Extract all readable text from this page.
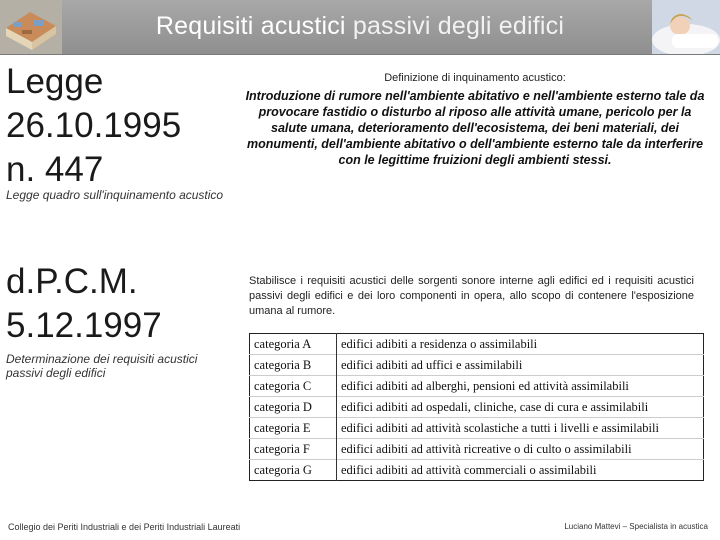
Requisiti acustici passivi degli edifici
Legge
26.10.1995
n. 447

Legge quadro sull'inquinamento acustico

Definizione di inquinamento acustico:
Introduzione di rumore nell'ambiente abitativo e nell'ambiente esterno tale da provocare fastidio o disturbo al riposo alle attività umane, pericolo per la salute umana, deterioramento dell'ecosistema, dei beni materiali, dei monumenti, dell'ambiente abitativo o dell'ambiente esterno tale da interferire con le legittime fruizioni degli ambienti stessi.
d.P.C.M.
5.12.1997

Determinazione dei requisiti acustici passivi degli edifici

Stabilisce i requisiti acustici delle sorgenti sonore interne agli edifici ed i requisiti acustici passivi degli edifici e dei loro componenti in opera, allo scopo di contenere l'esposizione umana al rumore.
categoria A	edifici adibiti a residenza o assimilabili
categoria B	edifici adibiti ad uffici e assimilabili
categoria C	edifici adibiti ad alberghi, pensioni ed attività assimilabili
categoria D	edifici adibiti ad ospedali, cliniche, case di cura e assimilabili
categoria E	edifici adibiti ad attività scolastiche a tutti i livelli e assimilabili
categoria F	edifici adibiti ad attività ricreative o di culto o assimilabili
categoria G	edifici adibiti ad attività commerciali o assimilabili
Collegio dei Periti Industriali e dei Periti Industriali Laureati	Luciano Mattevi – Specialista in acustica
